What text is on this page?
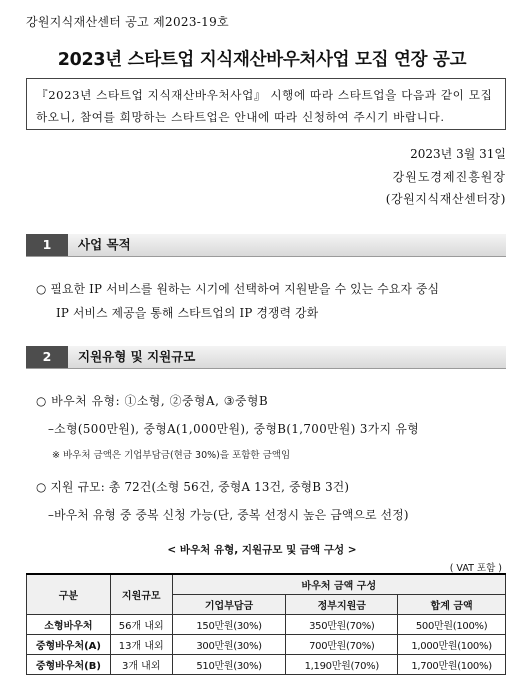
강원지식재산센터 공고 제2023-19호
2023년 스타트업 지식재산바우처사업 모집 연장 공고
『2023년 스타트업 지식재산바우처사업』 시행에 따라 스타트업을 다음과 같이 모집
하오니, 참여를 희망하는 스타트업은 안내에 따라 신청하여 주시기 바랍니다.
2023년 3월 31일
강원도경제진흥원장
(강원지식재산센터장)
1	사업 목적
○ 필요한 IP 서비스를 원하는 시기에 선택하여 지원받을 수 있는 수요자 중심
IP 서비스 제공을 통해 스타트업의 IP 경쟁력 강화
2	지원유형 및 지원규모
○ 바우처 유형: ①소형, ②중형A, ③중형B
–소형(500만원), 중형A(1,000만원), 중형B(1,700만원) 3가지 유형
※ 바우처 금액은 기업부담금(현금 30%)을 포함한 금액임
○ 지원 규모: 총 72건(소형 56건, 중형A 13건, 중형B 3건)
–바우처 유형 중 중복 신청 가능(단, 중복 선정시 높은 금액으로 선정)
< 바우처 유형, 지원규모 및 금액 구성 >
( VAT 포함 )
구분	지원규모	바우처 금액 구성		
		기업부담금	정부지원금	합계 금액
소형바우처	56개 내외	150만원(30%)	350만원(70%)	500만원(100%)
중형바우처(A)	13개 내외	300만원(30%)	700만원(70%)	1,000만원(100%)
중형바우처(B)	3개 내외	510만원(30%)	1,190만원(70%)	1,700만원(100%)
